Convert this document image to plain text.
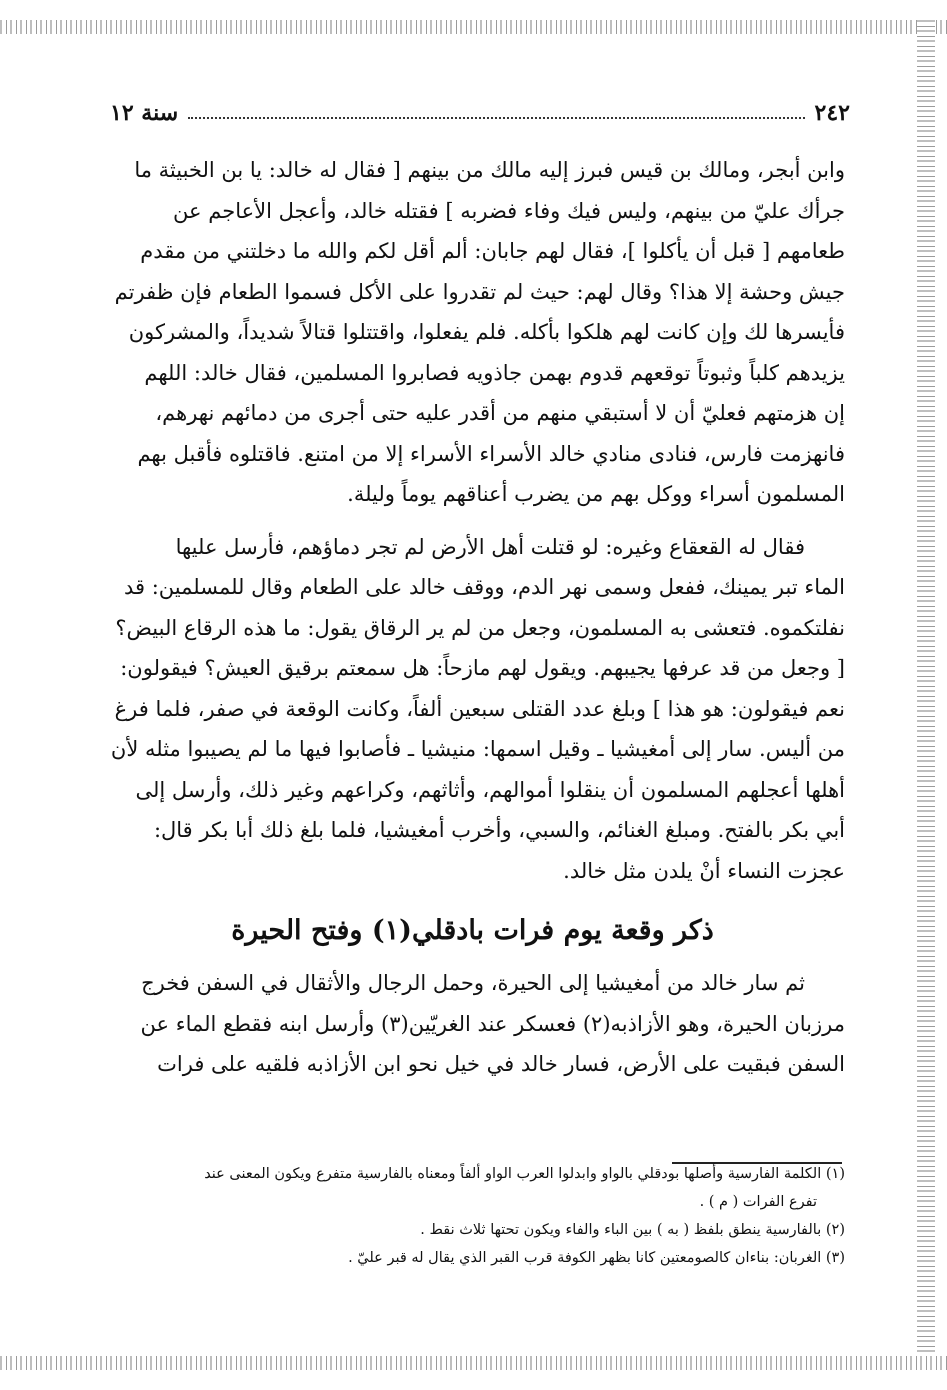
٢٤٢
سنة ١٢

وابن أبجر، ومالك بن قيس فبرز إليه مالك من بينهم [ فقال له خالد: يا بن الخبيثة ما

جرأك عليّ من بينهم، وليس فيك وفاء فضربه ] فقتله خالد، وأعجل الأعاجم عن

طعامهم [ قبل أن يأكلوا ]، فقال لهم جابان: ألم أقل لكم والله ما دخلتني من مقدم

جيش وحشة إلا هذا؟ وقال لهم: حيث لم تقدروا على الأكل فسموا الطعام فإن ظفرتم

فأيسرها لك وإن كانت لهم هلكوا بأكله. فلم يفعلوا، واقتتلوا قتالاً شديداً، والمشركون

يزيدهم كلباً وثبوتاً توقعهم قدوم بهمن جاذويه فصابروا المسلمين، فقال خالد: اللهم

إن هزمتهم فعليّ أن لا أستبقي منهم من أقدر عليه حتى أجرى من دمائهم نهرهم،

فانهزمت فارس، فنادى منادي خالد الأسراء الأسراء إلا من امتنع. فاقتلوه فأقبل بهم

المسلمون أسراء ووكل بهم من يضرب أعناقهم يوماً وليلة.

فقال له القعقاع وغيره: لو قتلت أهل الأرض لم تجر دماؤهم، فأرسل عليها

الماء تبر يمينك، ففعل وسمى نهر الدم، ووقف خالد على الطعام وقال للمسلمين: قد

نفلتكموه. فتعشى به المسلمون، وجعل من لم ير الرقاق يقول: ما هذه الرقاع البيض؟

[ وجعل من قد عرفها يجيبهم. ويقول لهم مازحاً: هل سمعتم برقيق العيش؟ فيقولون:

نعم فيقولون: هو هذا ] وبلغ عدد القتلى سبعين ألفاً، وكانت الوقعة في صفر، فلما فرغ

من أليس. سار إلى أمغيشيا ـ وقيل اسمها: منيشيا ـ فأصابوا فيها ما لم يصيبوا مثله لأن

أهلها أعجلهم المسلمون أن ينقلوا أموالهم، وأثاثهم، وكراعهم وغير ذلك، وأرسل إلى

أبي بكر بالفتح. ومبلغ الغنائم، والسبي، وأخرب أمغيشيا، فلما بلغ ذلك أبا بكر قال:

عجزت النساء أنْ يلدن مثل خالد.

ذكر وقعة يوم فرات بادقلي(١) وفتح الحيرة

ثم سار خالد من أمغيشيا إلى الحيرة، وحمل الرجال والأثقال في السفن فخرج

مرزبان الحيرة، وهو الأزاذبه(٢) فعسكر عند الغريّين(٣) وأرسل ابنه فقطع الماء عن

السفن فبقيت على الأرض، فسار خالد في خيل نحو ابن الأزاذبه فلقيه على فرات

(١) الكلمة الفارسية وأصلها بودقلي بالواو وابدلوا العرب الواو ألفاً ومعناه بالفارسية متفرع ويكون المعنى عند

تفرع الفرات ( م ) .

(٢) بالفارسية ينطق بلفظ ( به ) بين الباء والفاء ويكون تحتها ثلاث نقط .

(٣) الغربان: بناءان كالصومعتين كانا بظهر الكوفة قرب القبر الذي يقال له قبر عليّ .
